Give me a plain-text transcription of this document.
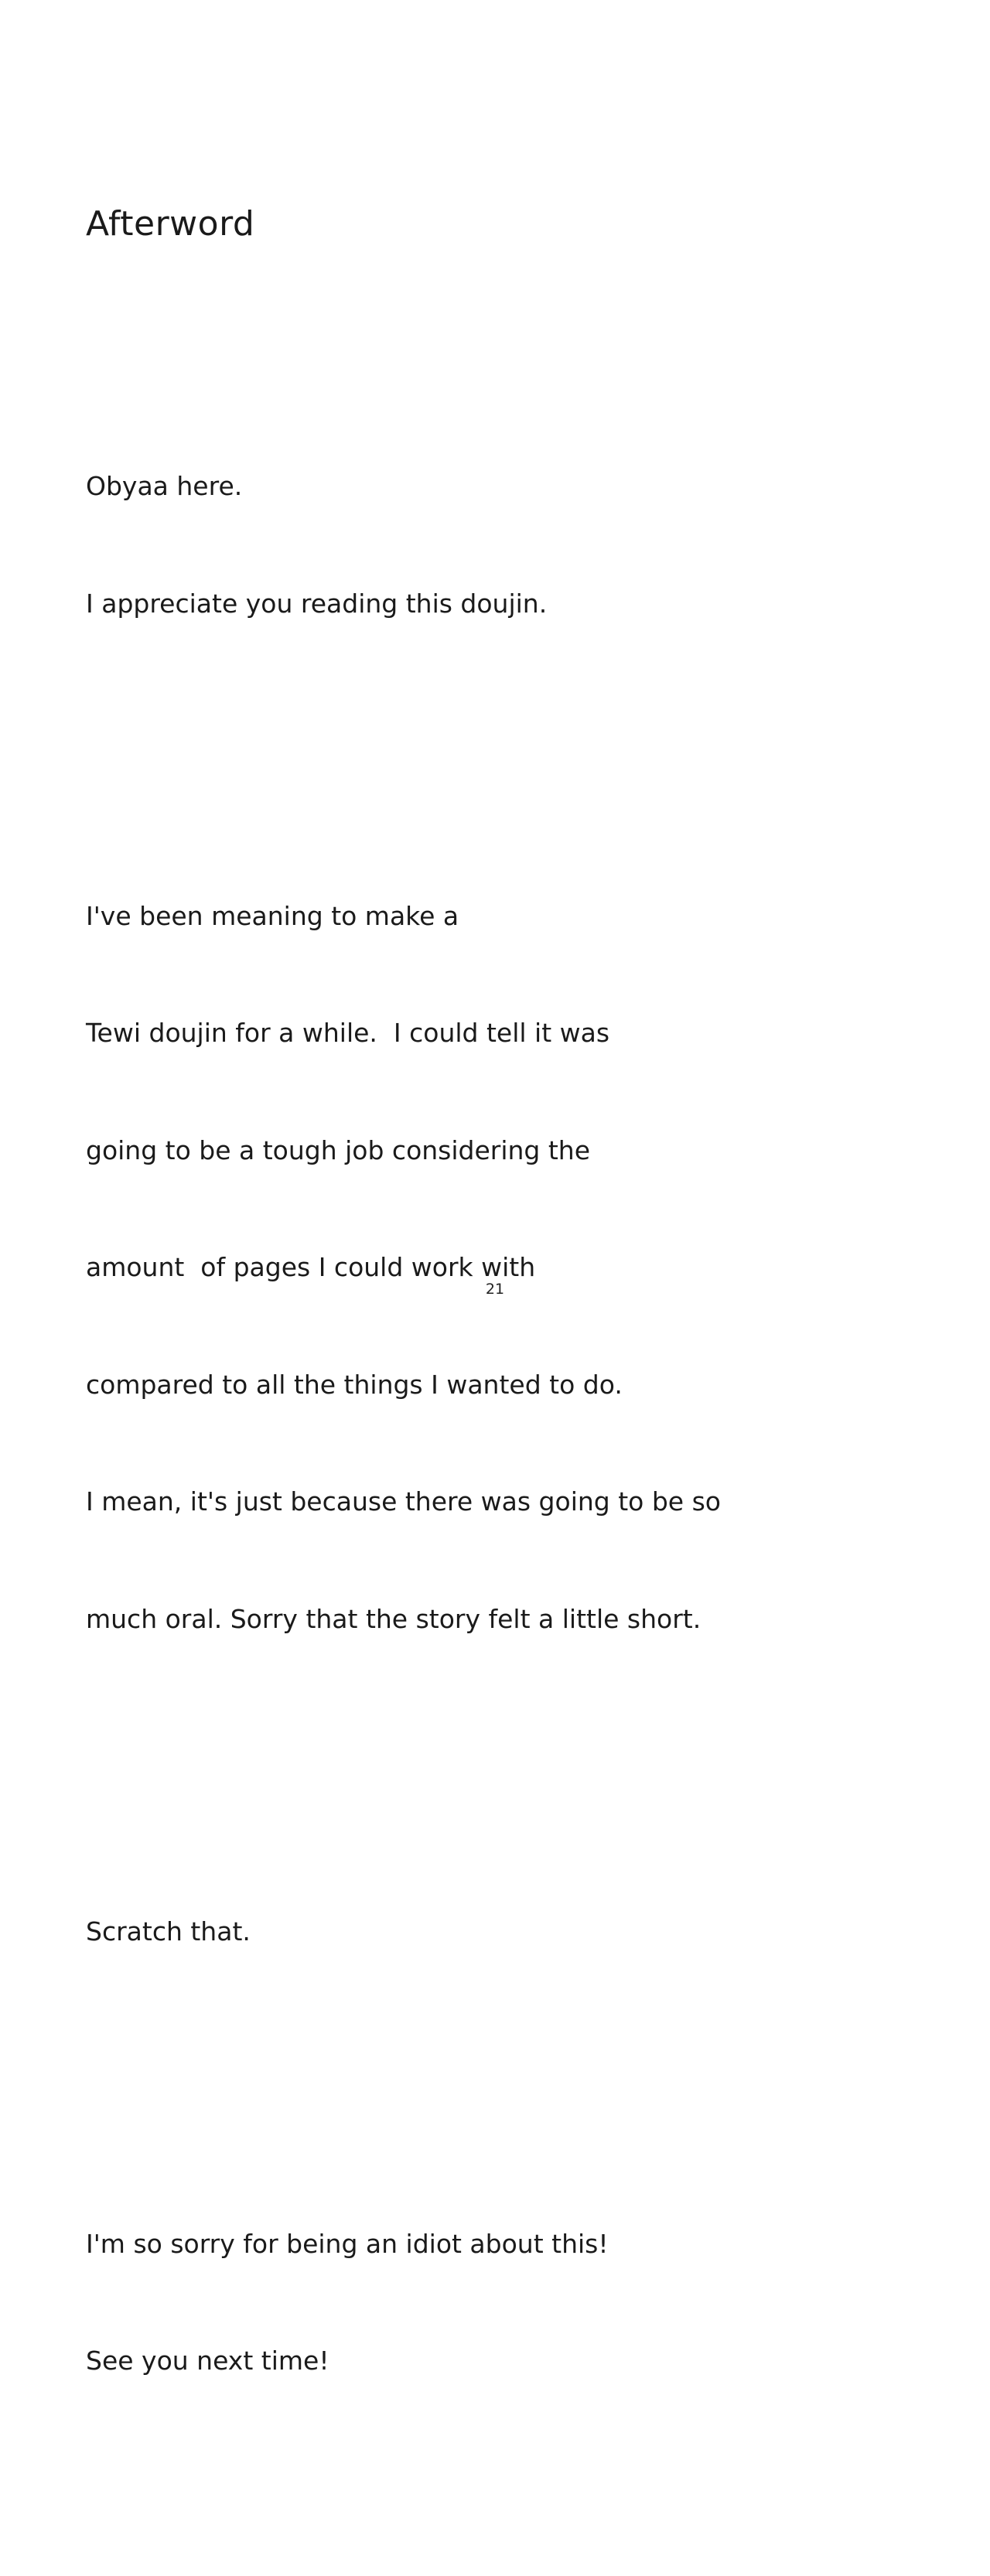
Afterword

Obyaa here.

I appreciate you reading this doujin.

I've been meaning to make a

Tewi doujin for a while.  I could tell it was

going to be a tough job considering the

amount  of pages I could work with

compared to all the things I wanted to do.

I mean, it's just because there was going to be so

much oral. Sorry that the story felt a little short.

Scratch that.

I'm so sorry for being an idiot about this!

See you next time!

21
